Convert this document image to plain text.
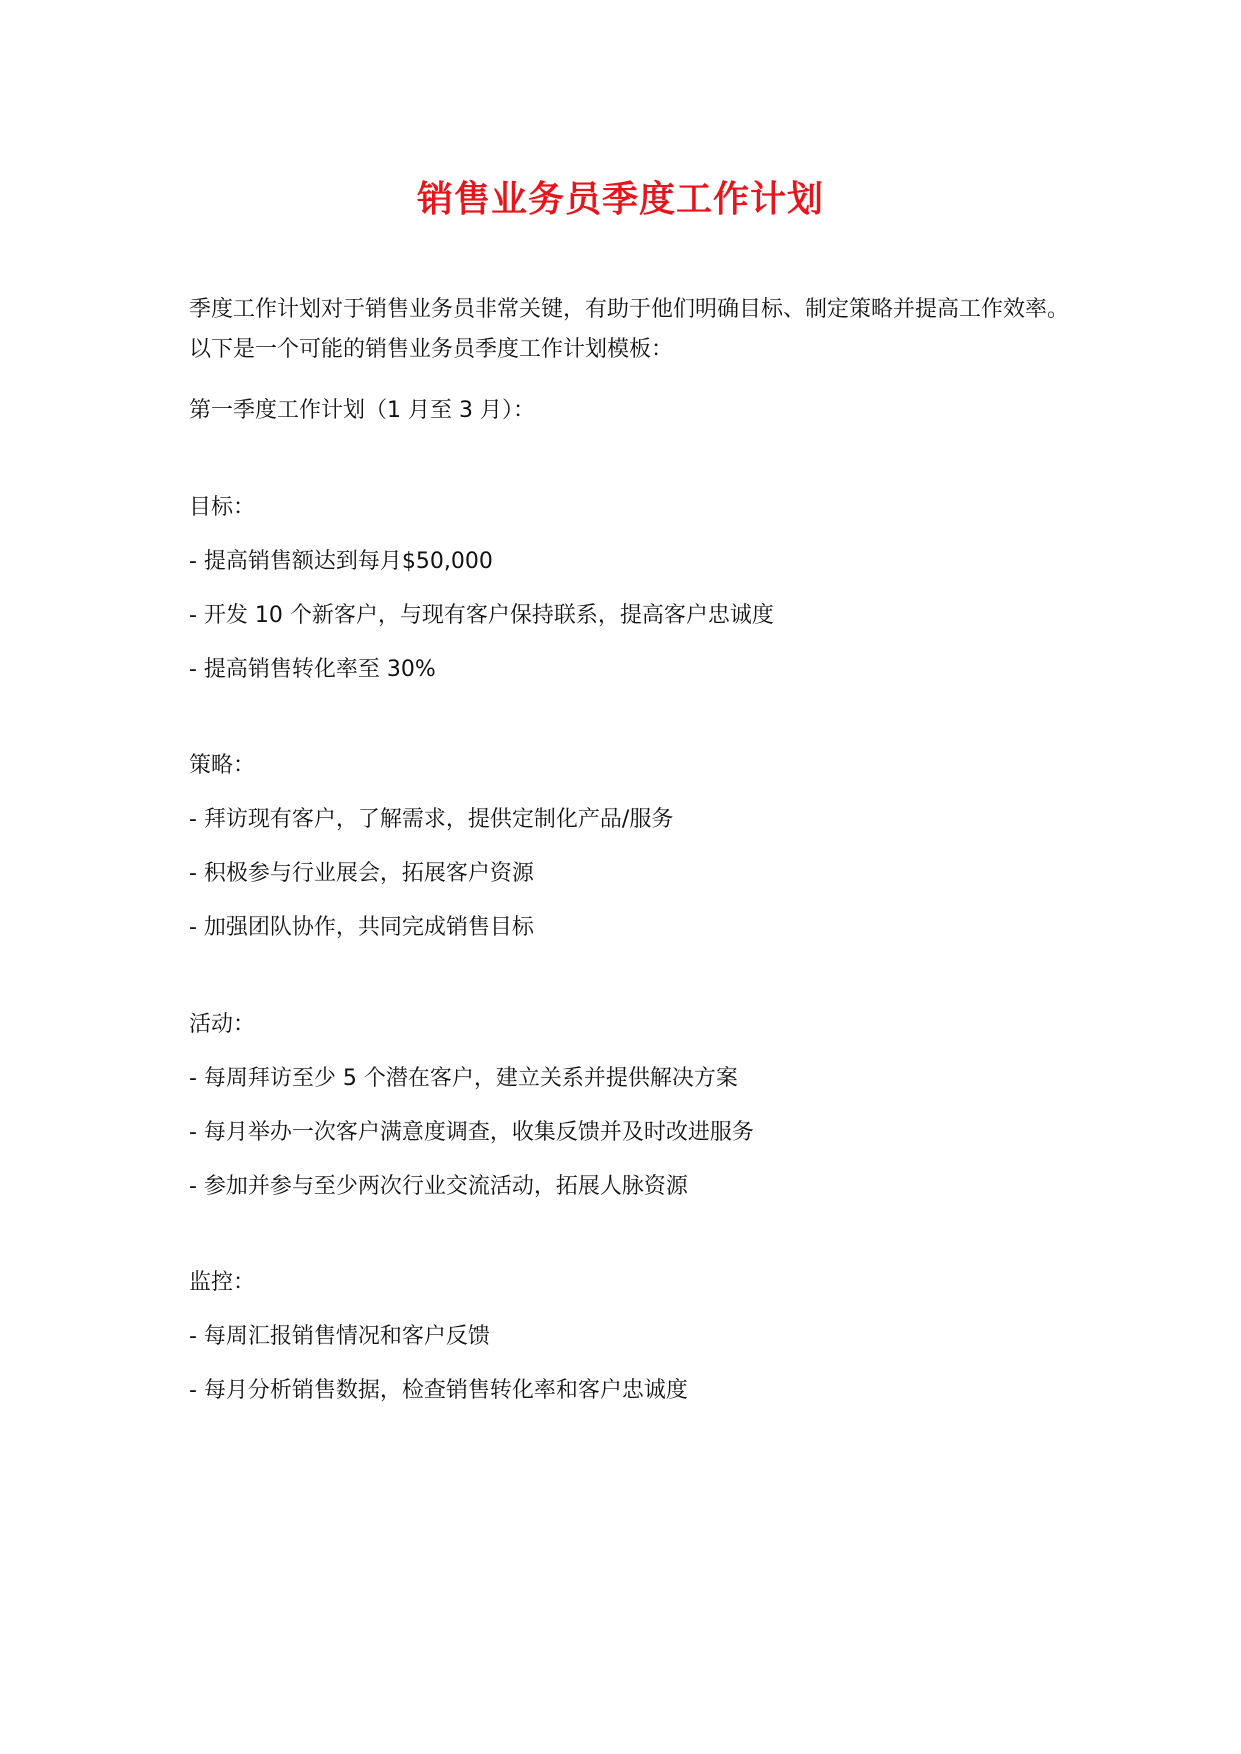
销售业务员季度工作计划
季度工作计划对于销售业务员非常关键，有助于他们明确目标、制定策略并提高工作效率。以下是一个可能的销售业务员季度工作计划模板：
第一季度工作计划（1 月至 3 月）：
目标：
- 提高销售额达到每月$50,000
- 开发 10 个新客户，与现有客户保持联系，提高客户忠诚度
- 提高销售转化率至 30%
策略：
- 拜访现有客户，了解需求，提供定制化产品/服务
- 积极参与行业展会，拓展客户资源
- 加强团队协作，共同完成销售目标
活动：
- 每周拜访至少 5 个潜在客户，建立关系并提供解决方案
- 每月举办一次客户满意度调查，收集反馈并及时改进服务
- 参加并参与至少两次行业交流活动，拓展人脉资源
监控：
- 每周汇报销售情况和客户反馈
- 每月分析销售数据，检查销售转化率和客户忠诚度
